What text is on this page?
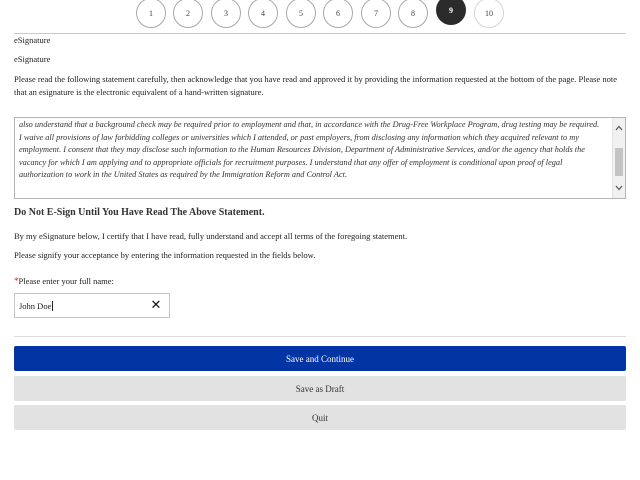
1	2	3	4	5	6	7	8	9	10
eSignature
eSignature
Please read the following statement carefully, then acknowledge that you have read and approved it by providing the information requested at the bottom of the page. Please note that an esignature is the electronic equivalent of a hand-written signature.
also understand that a background check may be required prior to employment and that, in accordance with the Drug-Free Workplace Program, drug testing may be required. I waive all provisions of law forbidding colleges or universities which I attended, or past employers, from disclosing any information which they acquired relevant to my employment. I consent that they may disclose such information to the Human Resources Division, Department of Administrative Services, and/or the agency that holds the vacancy for which I am applying and to appropriate officials for recruitment purposes. I understand that any offer of employment is conditional upon proof of legal authorization to work in the United States as required by the Immigration Reform and Control Act.
Do Not E-Sign Until You Have Read The Above Statement.
By my eSignature below, I certify that I have read, fully understand and accept all terms of the foregoing statement.
Please signify your acceptance by entering the information requested in the fields below.
*Please enter your full name:
John Doe	✕
Save and Continue
Save as Draft
Quit
